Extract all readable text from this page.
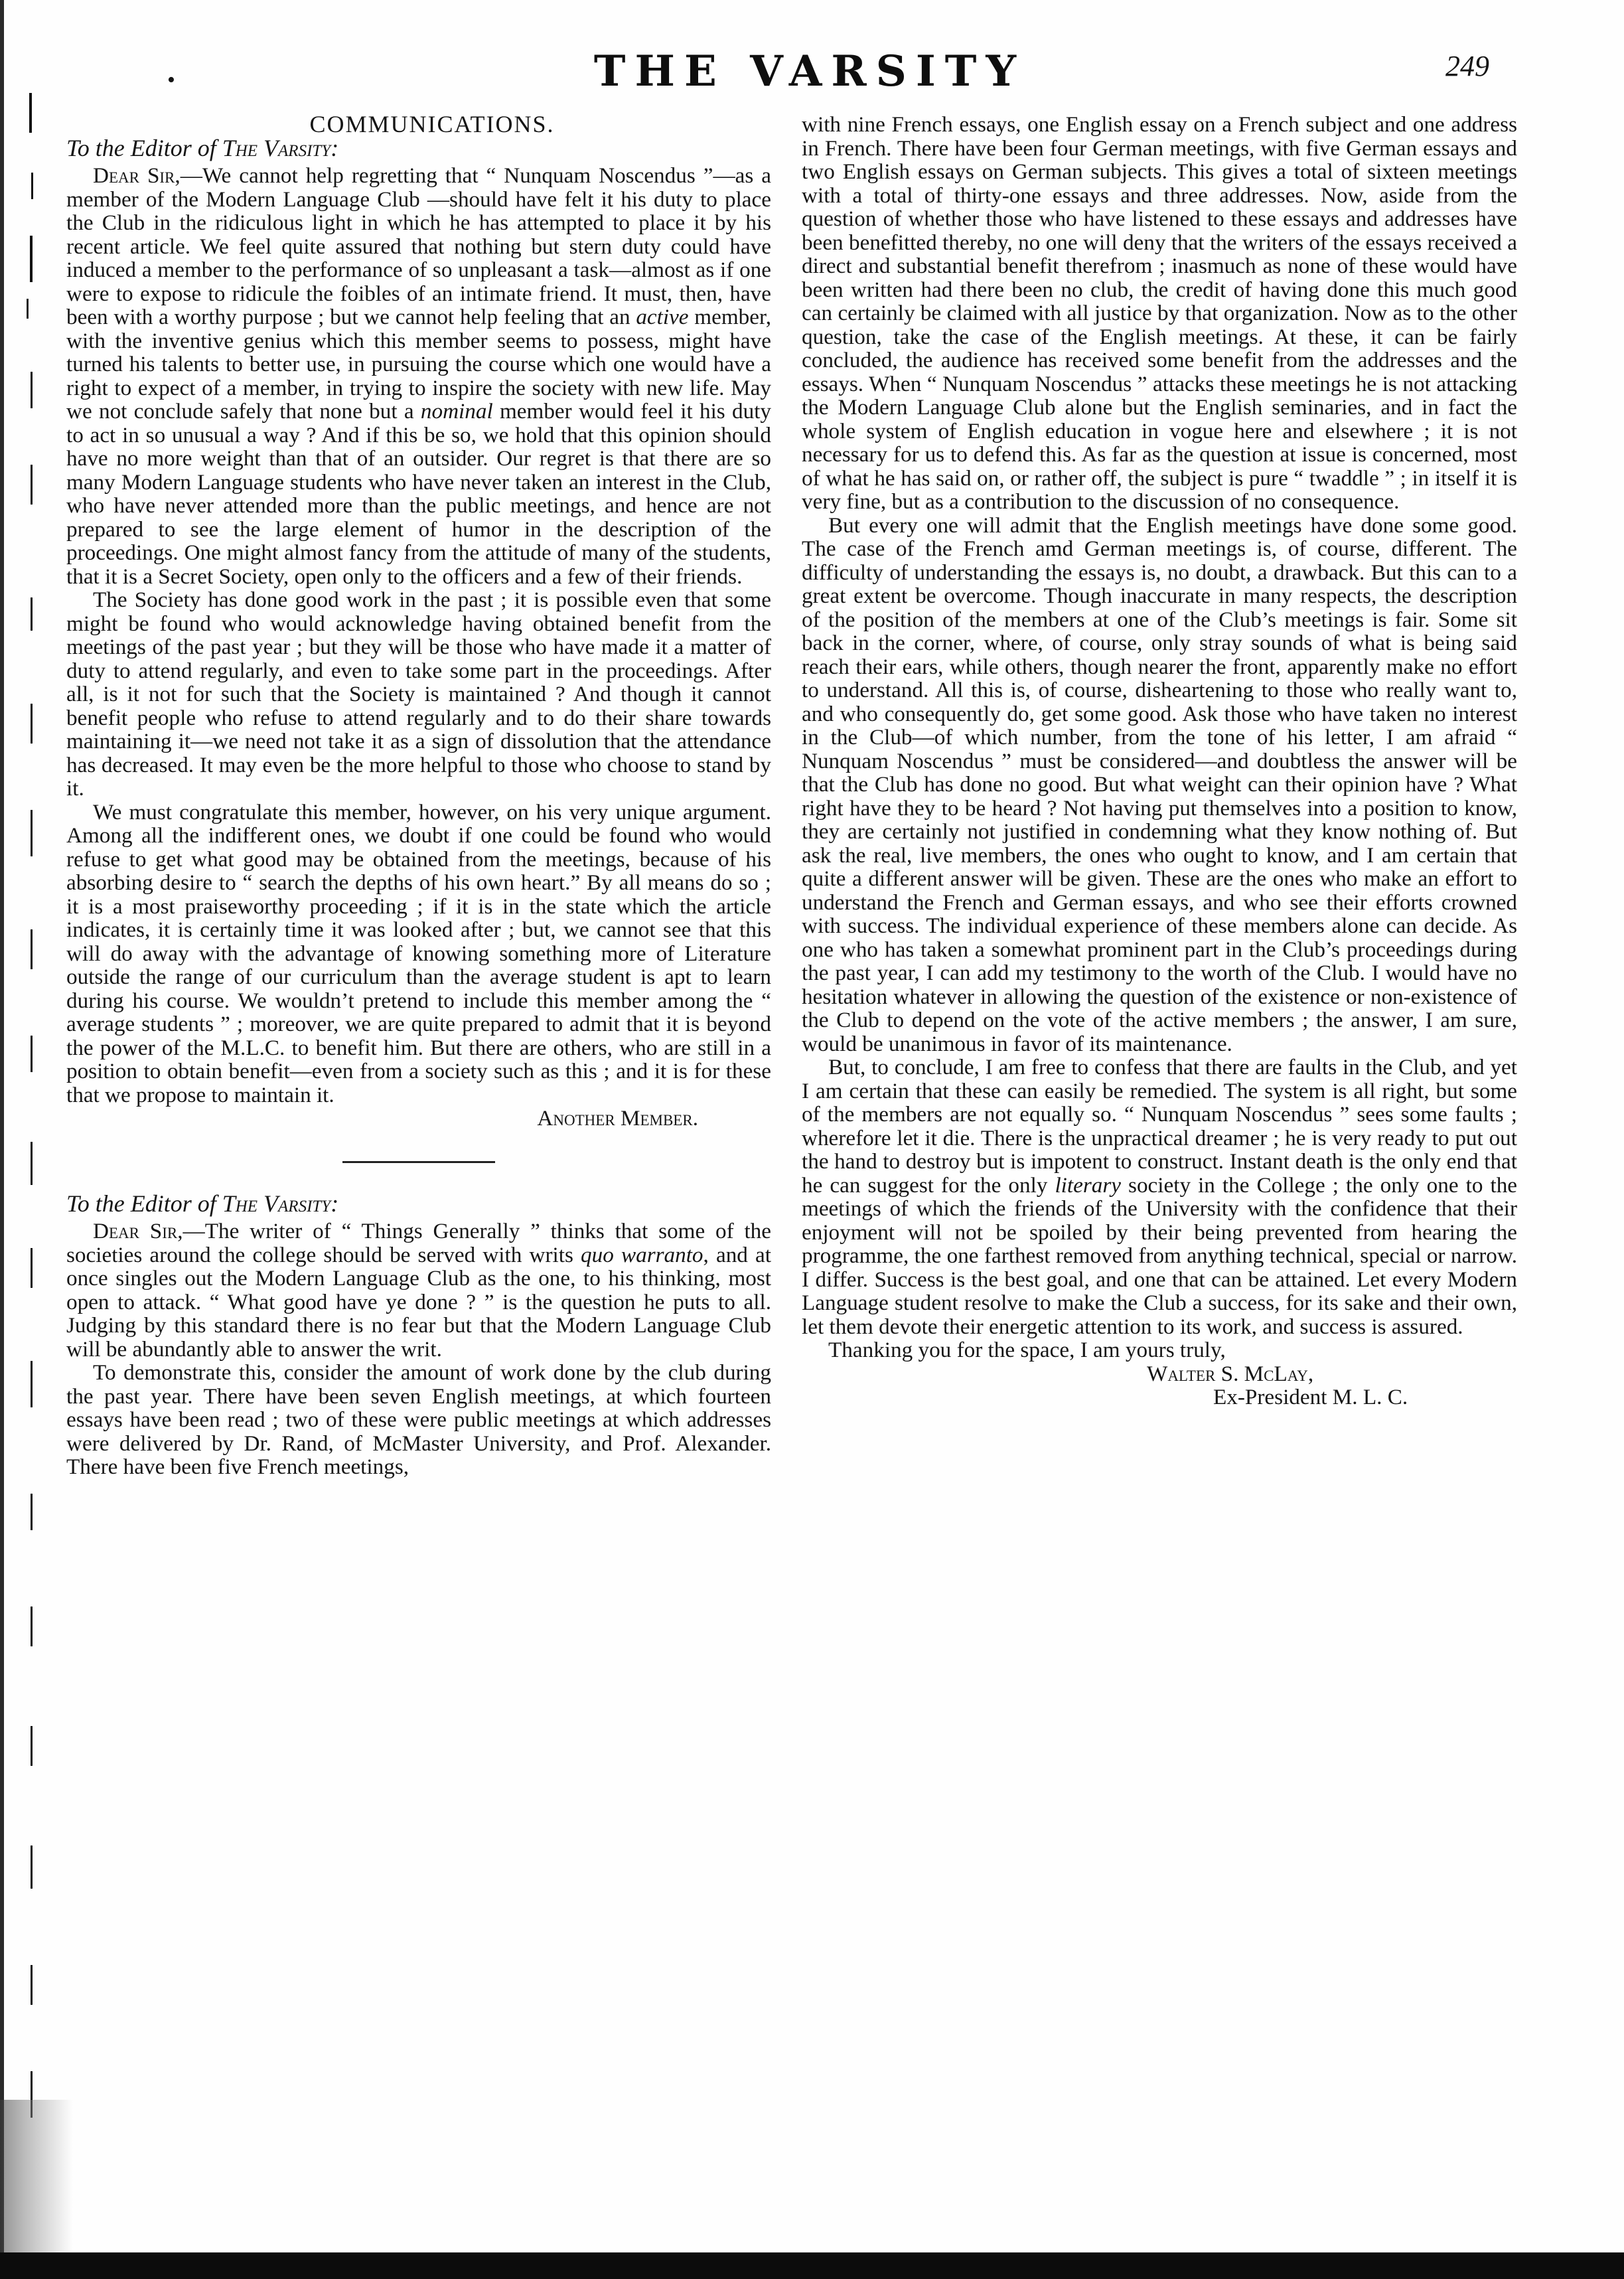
•	THE VARSITY	249

COMMUNICATIONS.

To the Editor of The Varsity:

Dear Sir,—We cannot help regretting that “ Nunquam Noscendus ”—as a member of the Modern Language Club —should have felt it his duty to place the Club in the ridiculous light in which he has attempted to place it by his recent article. We feel quite assured that nothing but stern duty could have induced a member to the performance of so unpleasant a task—almost as if one were to expose to ridicule the foibles of an intimate friend. It must, then, have been with a worthy purpose ; but we cannot help feeling that an active member, with the inventive genius which this member seems to possess, might have turned his talents to better use, in pursuing the course which one would have a right to expect of a member, in trying to inspire the society with new life. May we not conclude safely that none but a nominal member would feel it his duty to act in so unusual a way ? And if this be so, we hold that this opinion should have no more weight than that of an outsider. Our regret is that there are so many Modern Language students who have never taken an interest in the Club, who have never attended more than the public meetings, and hence are not prepared to see the large element of humor in the description of the proceedings. One might almost fancy from the attitude of many of the students, that it is a Secret Society, open only to the officers and a few of their friends.

The Society has done good work in the past ; it is possible even that some might be found who would acknowledge having obtained benefit from the meetings of the past year ; but they will be those who have made it a matter of duty to attend regularly, and even to take some part in the proceedings. After all, is it not for such that the Society is maintained ? And though it cannot benefit people who refuse to attend regularly and to do their share towards maintaining it—we need not take it as a sign of dissolution that the attendance has decreased. It may even be the more helpful to those who choose to stand by it.

We must congratulate this member, however, on his very unique argument. Among all the indifferent ones, we doubt if one could be found who would refuse to get what good may be obtained from the meetings, because of his absorbing desire to “ search the depths of his own heart.” By all means do so ; it is a most praiseworthy proceeding ; if it is in the state which the article indicates, it is certainly time it was looked after ; but, we cannot see that this will do away with the advantage of knowing something more of Literature outside the range of our curriculum than the average student is apt to learn during his course. We wouldn’t pretend to include this member among the “ average students ” ; moreover, we are quite prepared to admit that it is beyond the power of the M.L.C. to benefit him. But there are others, who are still in a position to obtain benefit—even from a society such as this ; and it is for these that we propose to maintain it.

Another Member.

To the Editor of The Varsity:

Dear Sir,—The writer of “ Things Generally ” thinks that some of the societies around the college should be served with writs quo warranto, and at once singles out the Modern Language Club as the one, to his thinking, most open to attack. “ What good have ye done ? ” is the question he puts to all. Judging by this standard there is no fear but that the Modern Language Club will be abundantly able to answer the writ.

To demonstrate this, consider the amount of work done by the club during the past year. There have been seven English meetings, at which fourteen essays have been read ; two of these were public meetings at which addresses were delivered by Dr. Rand, of McMaster University, and Prof. Alexander. There have been five French meetings,

with nine French essays, one English essay on a French subject and one address in French. There have been four German meetings, with five German essays and two English essays on German subjects. This gives a total of sixteen meetings with a total of thirty-one essays and three addresses. Now, aside from the question of whether those who have listened to these essays and addresses have been benefitted thereby, no one will deny that the writers of the essays received a direct and substantial benefit therefrom ; inasmuch as none of these would have been written had there been no club, the credit of having done this much good can certainly be claimed with all justice by that organization. Now as to the other question, take the case of the English meetings. At these, it can be fairly concluded, the audience has received some benefit from the addresses and the essays. When “ Nunquam Noscendus ” attacks these meetings he is not attacking the Modern Language Club alone but the English seminaries, and in fact the whole system of English education in vogue here and elsewhere ; it is not necessary for us to defend this. As far as the question at issue is concerned, most of what he has said on, or rather off, the subject is pure “ twaddle ” ; in itself it is very fine, but as a contribution to the discussion of no consequence.

But every one will admit that the English meetings have done some good. The case of the French amd German meetings is, of course, different. The difficulty of understanding the essays is, no doubt, a drawback. But this can to a great extent be overcome. Though inaccurate in many respects, the description of the position of the members at one of the Club’s meetings is fair. Some sit back in the corner, where, of course, only stray sounds of what is being said reach their ears, while others, though nearer the front, apparently make no effort to understand. All this is, of course, disheartening to those who really want to, and who consequently do, get some good. Ask those who have taken no interest in the Club—of which number, from the tone of his letter, I am afraid “ Nunquam Noscendus ” must be considered—and doubtless the answer will be that the Club has done no good. But what weight can their opinion have ? What right have they to be heard ? Not having put themselves into a position to know, they are certainly not justified in condemning what they know nothing of. But ask the real, live members, the ones who ought to know, and I am certain that quite a different answer will be given. These are the ones who make an effort to understand the French and German essays, and who see their efforts crowned with success. The individual experience of these members alone can decide. As one who has taken a somewhat prominent part in the Club’s proceedings during the past year, I can add my testimony to the worth of the Club. I would have no hesitation whatever in allowing the question of the existence or non-existence of the Club to depend on the vote of the active members ; the answer, I am sure, would be unanimous in favor of its maintenance.

But, to conclude, I am free to confess that there are faults in the Club, and yet I am certain that these can easily be remedied. The system is all right, but some of the members are not equally so. “ Nunquam Noscendus ” sees some faults ; wherefore let it die. There is the unpractical dreamer ; he is very ready to put out the hand to destroy but is impotent to construct. Instant death is the only end that he can suggest for the only literary society in the College ; the only one to the meetings of which the friends of the University with the confidence that their enjoyment will not be spoiled by their being prevented from hearing the programme, the one farthest removed from anything technical, special or narrow. I differ. Success is the best goal, and one that can be attained. Let every Modern Language student resolve to make the Club a success, for its sake and their own, let them devote their energetic attention to its work, and success is assured.

Thanking you for the space, I am yours truly,

Walter S. McLay,

Ex-President M. L. C.
